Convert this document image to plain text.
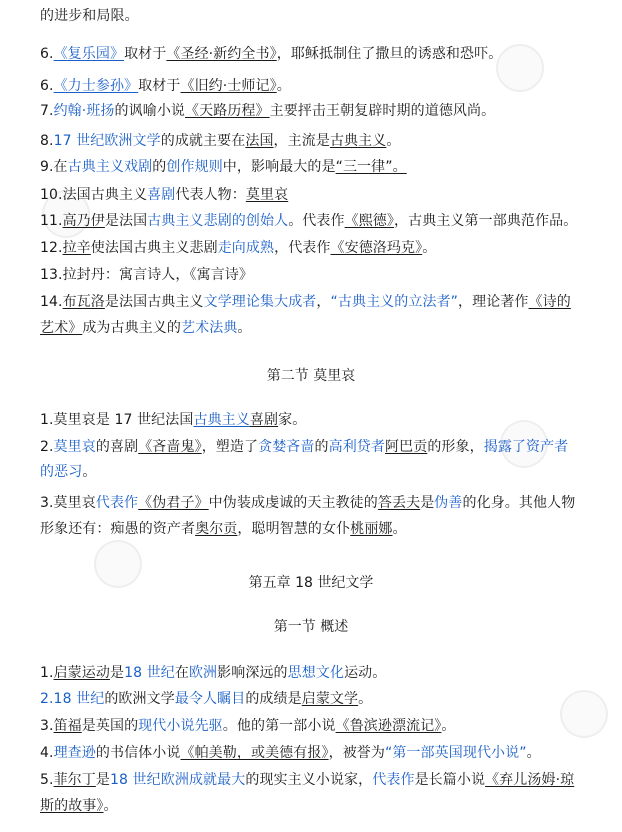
的进步和局限。
6.《复乐园》取材于《圣经·新约全书》，耶稣抵制住了撒旦的诱惑和恐吓。
6.《力士参孙》取材于《旧约·士师记》。
7.约翰·班扬的讽喻小说《天路历程》主要抨击王朝复辟时期的道德风尚。
8.17 世纪欧洲文学的成就主要在法国，主流是古典主义。
9.在古典主义戏剧的创作规则中，影响最大的是“三一律”。
10.法国古典主义喜剧代表人物：莫里哀
11.高乃伊是法国古典主义悲剧的创始人。代表作《熙德》，古典主义第一部典范作品。
12.拉辛使法国古典主义悲剧走向成熟，代表作《安德洛玛克》。
13.拉封丹：寓言诗人，《寓言诗》
14.布瓦洛是法国古典主义文学理论集大成者，“古典主义的立法者”，理论著作《诗的
艺术》成为古典主义的艺术法典。
第二节 莫里哀
1.莫里哀是 17 世纪法国古典主义喜剧家。
2.莫里哀的喜剧《吝啬鬼》，塑造了贪婪吝啬的高利贷者阿巴贡的形象，揭露了资产者
的恶习。
3.莫里哀代表作《伪君子》中伪装成虔诚的天主教徒的答丢夫是伪善的化身。其他人物
形象还有：痴愚的资产者奥尔贡，聪明智慧的女仆桃丽娜。
第五章 18 世纪文学
第一节 概述
1.启蒙运动是18 世纪在欧洲影响深远的思想文化运动。
2.18 世纪的欧洲文学最令人瞩目的成绩是启蒙文学。
3.笛福是英国的现代小说先驱。他的第一部小说《鲁滨逊漂流记》。
4.理查逊的书信体小说《帕美勒，或美德有报》，被誉为“第一部英国现代小说”。
5.菲尔丁是18 世纪欧洲成就最大的现实主义小说家，代表作是长篇小说《弃儿汤姆·琼
斯的故事》。
